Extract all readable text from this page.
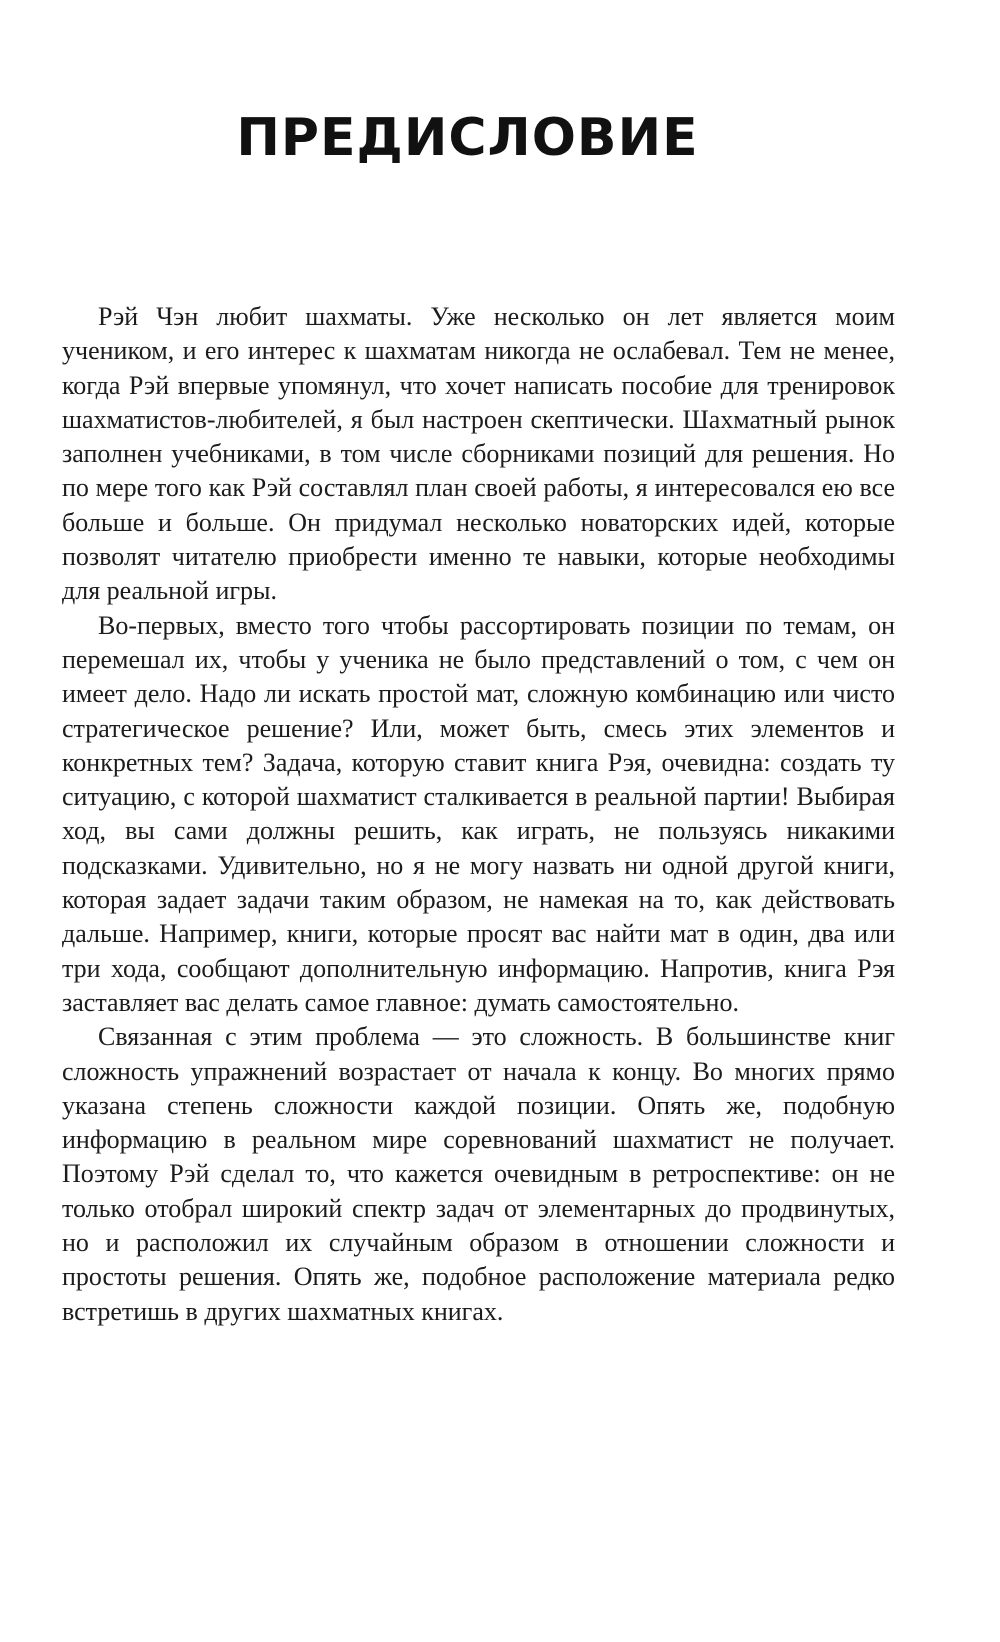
ПРЕДИСЛОВИЕ

Рэй Чэн любит шахматы. Уже несколько он лет является моим учеником, и его интерес к шахматам никогда не ослабевал. Тем не менее, когда Рэй впервые упомянул, что хочет написать пособие для тренировок шахматистов-любителей, я был настроен скептически. Шахматный рынок заполнен учебниками, в том числе сборниками позиций для решения. Но по мере того как Рэй составлял план своей работы, я интересовался ею все больше и больше. Он придумал несколько новаторских идей, которые позволят читателю приобрести именно те навыки, которые необходимы для реальной игры.

Во-первых, вместо того чтобы рассортировать позиции по темам, он перемешал их, чтобы у ученика не было представлений о том, с чем он имеет дело. Надо ли искать простой мат, сложную комбинацию или чисто стратегическое решение? Или, может быть, смесь этих элементов и конкретных тем? Задача, которую ставит книга Рэя, очевидна: создать ту ситуацию, с которой шахматист сталкивается в реальной партии! Выбирая ход, вы сами должны решить, как играть, не пользуясь никакими подсказками. Удивительно, но я не могу назвать ни одной другой книги, которая задает задачи таким образом, не намекая на то, как действовать дальше. Например, книги, которые просят вас найти мат в один, два или три хода, сообщают дополнительную информацию. Напротив, книга Рэя заставляет вас делать самое главное: думать самостоятельно.

Связанная с этим проблема — это сложность. В большинстве книг сложность упражнений возрастает от начала к концу. Во многих прямо указана степень сложности каждой позиции. Опять же, подобную информацию в реальном мире соревнований шахматист не получает. Поэтому Рэй сделал то, что кажется очевидным в ретроспективе: он не только отобрал широкий спектр задач от элементарных до продвинутых, но и расположил их случайным образом в отношении сложности и простоты решения. Опять же, подобное расположение материала редко встретишь в других шахматных книгах.
